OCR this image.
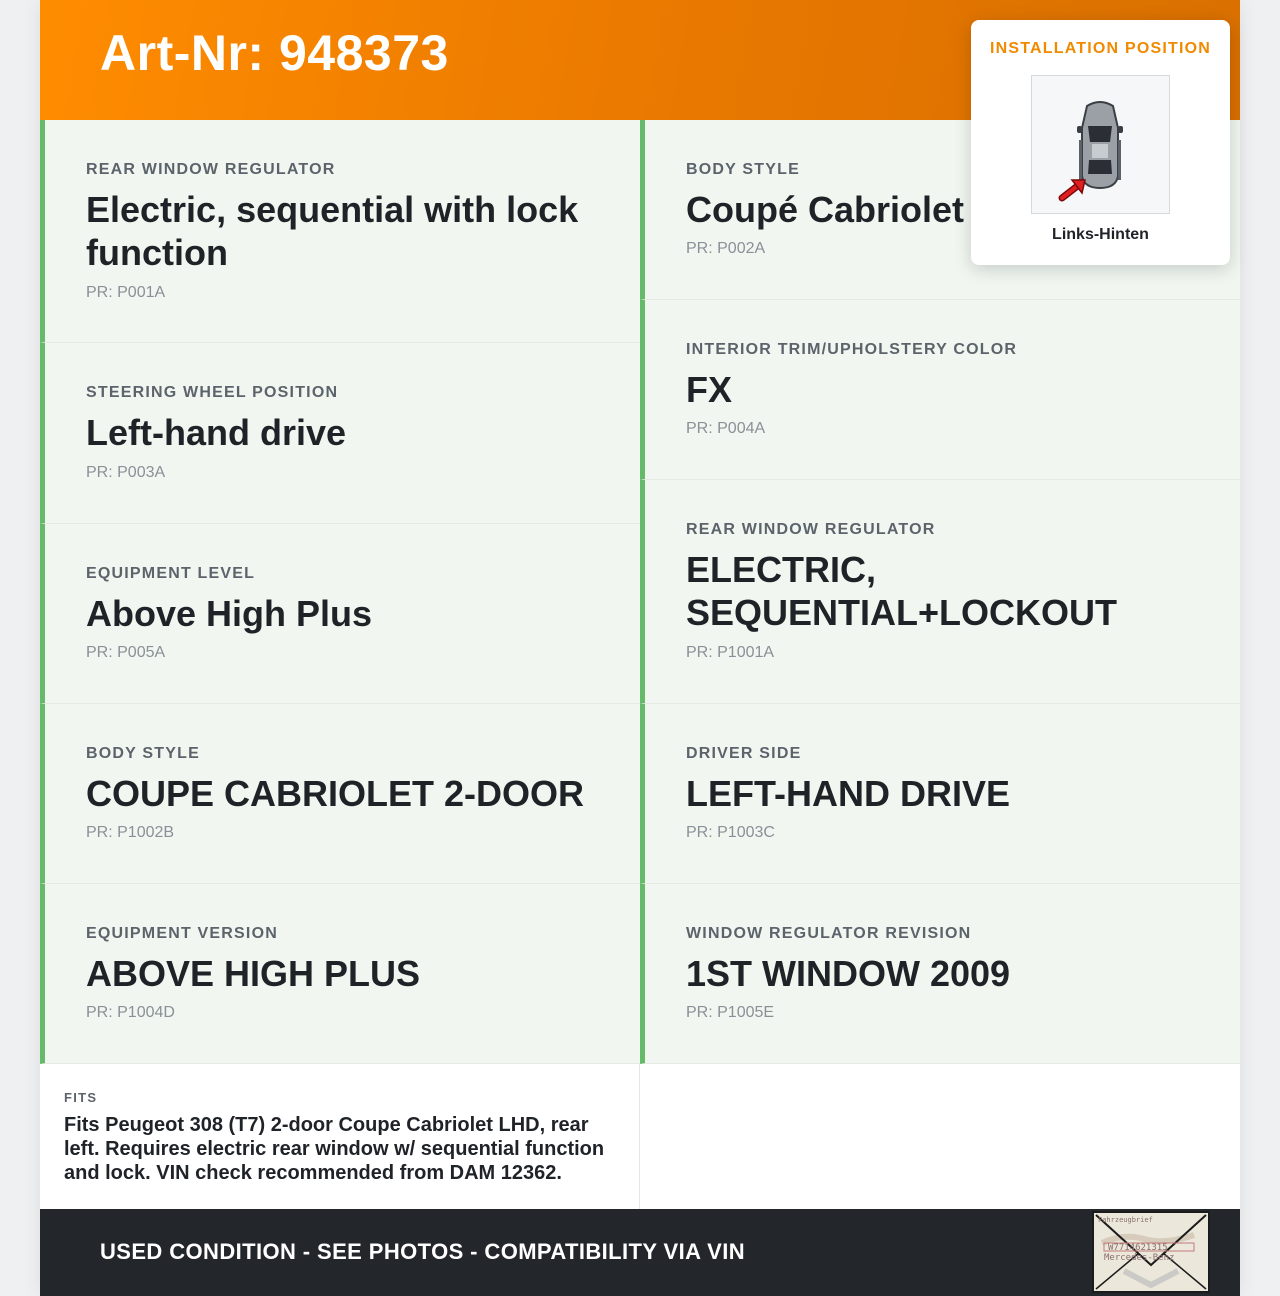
Art-Nr: 948373
REAR WINDOW REGULATOR
Electric, sequential with lock function
PR: P001A
STEERING WHEEL POSITION
Left-hand drive
PR: P003A
EQUIPMENT LEVEL
Above High Plus
PR: P005A
BODY STYLE
COUPE CABRIOLET 2-DOOR
PR: P1002B
EQUIPMENT VERSION
ABOVE HIGH PLUS
PR: P1004D
BODY STYLE
Coupé Cabriolet
PR: P002A
INTERIOR TRIM/UPHOLSTERY COLOR
FX
PR: P004A
REAR WINDOW REGULATOR
ELECTRIC, SEQUENTIAL+LOCKOUT
PR: P1001A
DRIVER SIDE
LEFT-HAND DRIVE
PR: P1003C
WINDOW REGULATOR REVISION
1ST WINDOW 2009
PR: P1005E
FITS
Fits Peugeot 308 (T7) 2-door Coupe Cabriolet LHD, rear left. Requires electric rear window w/ sequential function and lock. VIN check recommended from DAM 12362.
USED CONDITION - SEE PHOTOS - COMPATIBILITY VIA VIN
Fahrzeugbrief
W7714621315
Mercedes-Benz
INSTALLATION POSITION
Links-Hinten
